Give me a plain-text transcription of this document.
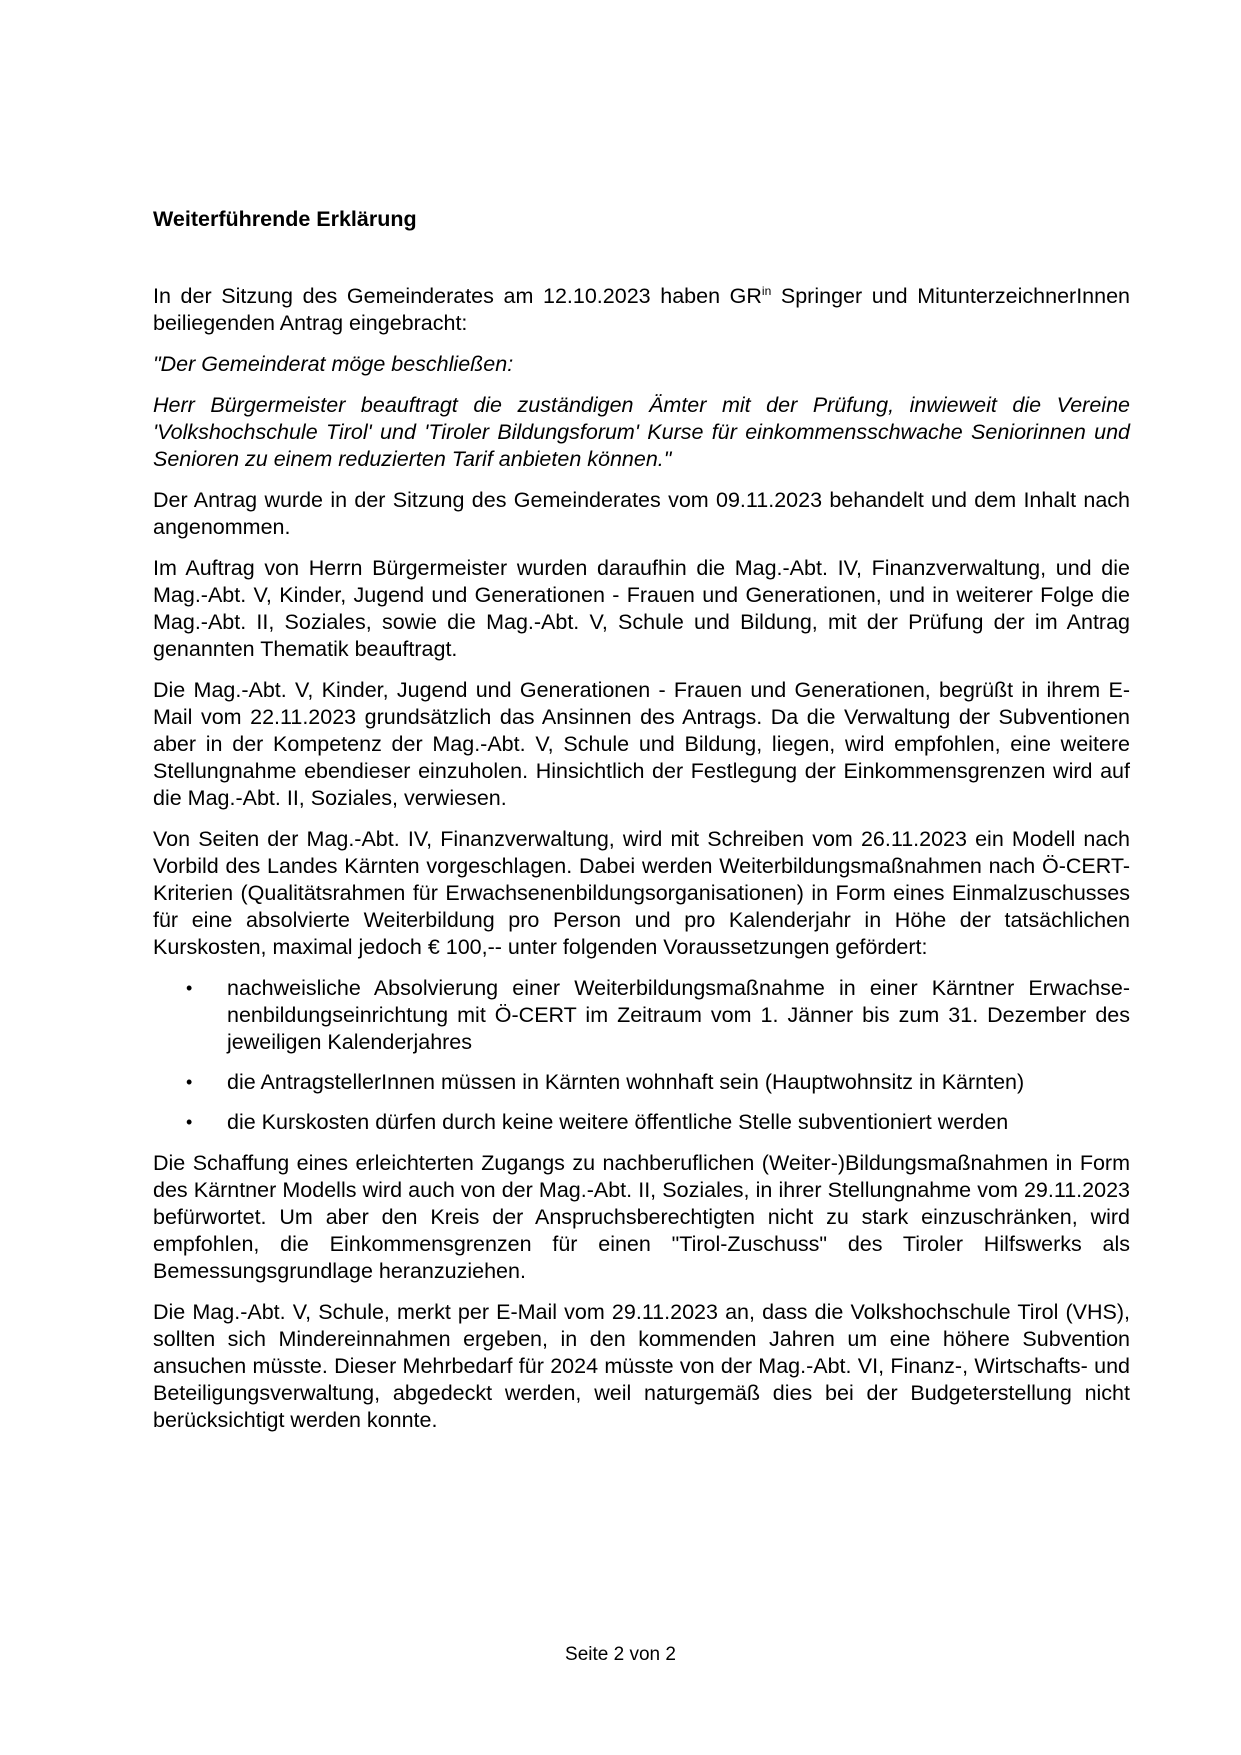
Weiterführende Erklärung

In der Sitzung des Gemeinderates am 12.10.2023 haben $GR^{in}$ Springer und MitunterzeichnerInnen beiliegenden Antrag eingebracht:

"Der Gemeinderat möge beschließen:

Herr Bürgermeister beauftragt die zuständigen Ämter mit der Prüfung, inwieweit die Vereine 'Volkshochschule Tirol' und 'Tiroler Bildungsforum' Kurse für einkommensschwache Seniorinnen und Senioren zu einem reduzierten Tarif anbieten können."

Der Antrag wurde in der Sitzung des Gemeinderates vom 09.11.2023 behandelt und dem Inhalt nach angenommen.

Im Auftrag von Herrn Bürgermeister wurden daraufhin die Mag.-Abt. IV, Finanzverwaltung, und die Mag.-Abt. V, Kinder, Jugend und Generationen - Frauen und Generationen, und in weiterer Folge die Mag.-Abt. II, Soziales, sowie die Mag.-Abt. V, Schule und Bildung, mit der Prüfung der im Antrag genannten Thematik beauftragt.

Die Mag.-Abt. V, Kinder, Jugend und Generationen - Frauen und Generationen, begrüßt in ihrem E-Mail vom 22.11.2023 grundsätzlich das Ansinnen des Antrags. Da die Verwaltung der Subventionen aber in der Kompetenz der Mag.-Abt. V, Schule und Bildung, liegen, wird empfohlen, eine weitere Stellungnahme ebendieser einzuholen. Hinsichtlich der Festlegung der Einkommensgrenzen wird auf die Mag.-Abt. II, Soziales, verwiesen.

Von Seiten der Mag.-Abt. IV, Finanzverwaltung, wird mit Schreiben vom 26.11.2023 ein Modell nach Vorbild des Landes Kärnten vorgeschlagen. Dabei werden Weiterbildungsmaßnahmen nach Ö-CERT-Kriterien (Qualitätsrahmen für Erwachsenenbildungsorganisationen) in Form eines Einmalzuschusses für eine absolvierte Weiterbildung pro Person und pro Kalenderjahr in Höhe der tatsächlichen Kurskosten, maximal jedoch € 100,-- unter folgenden Voraussetzungen gefördert:

• nachweisliche Absolvierung einer Weiterbildungsmaßnahme in einer Kärntner Erwachsenenbildungseinrichtung mit Ö-CERT im Zeitraum vom 1. Jänner bis zum 31. Dezember des jeweiligen Kalenderjahres
• die AntragstellerInnen müssen in Kärnten wohnhaft sein (Hauptwohnsitz in Kärnten)
• die Kurskosten dürfen durch keine weitere öffentliche Stelle subventioniert werden

Die Schaffung eines erleichterten Zugangs zu nachberuflichen (Weiter-)Bildungsmaßnahmen in Form des Kärntner Modells wird auch von der Mag.-Abt. II, Soziales, in ihrer Stellungnahme vom 29.11.2023 befürwortet. Um aber den Kreis der Anspruchsberechtigten nicht zu stark einzuschränken, wird empfohlen, die Einkommensgrenzen für einen "Tirol-Zuschuss" des Tiroler Hilfswerks als Bemessungsgrundlage heranzuziehen.

Die Mag.-Abt. V, Schule, merkt per E-Mail vom 29.11.2023 an, dass die Volkshochschule Tirol (VHS), sollten sich Mindereinnahmen ergeben, in den kommenden Jahren um eine höhere Subvention ansuchen müsste. Dieser Mehrbedarf für 2024 müsste von der Mag.-Abt. VI, Finanz-, Wirtschafts- und Beteiligungsverwaltung, abgedeckt werden, weil naturgemäß dies bei der Budgeterstellung nicht berücksichtigt werden konnte.

Seite 2 von 2
